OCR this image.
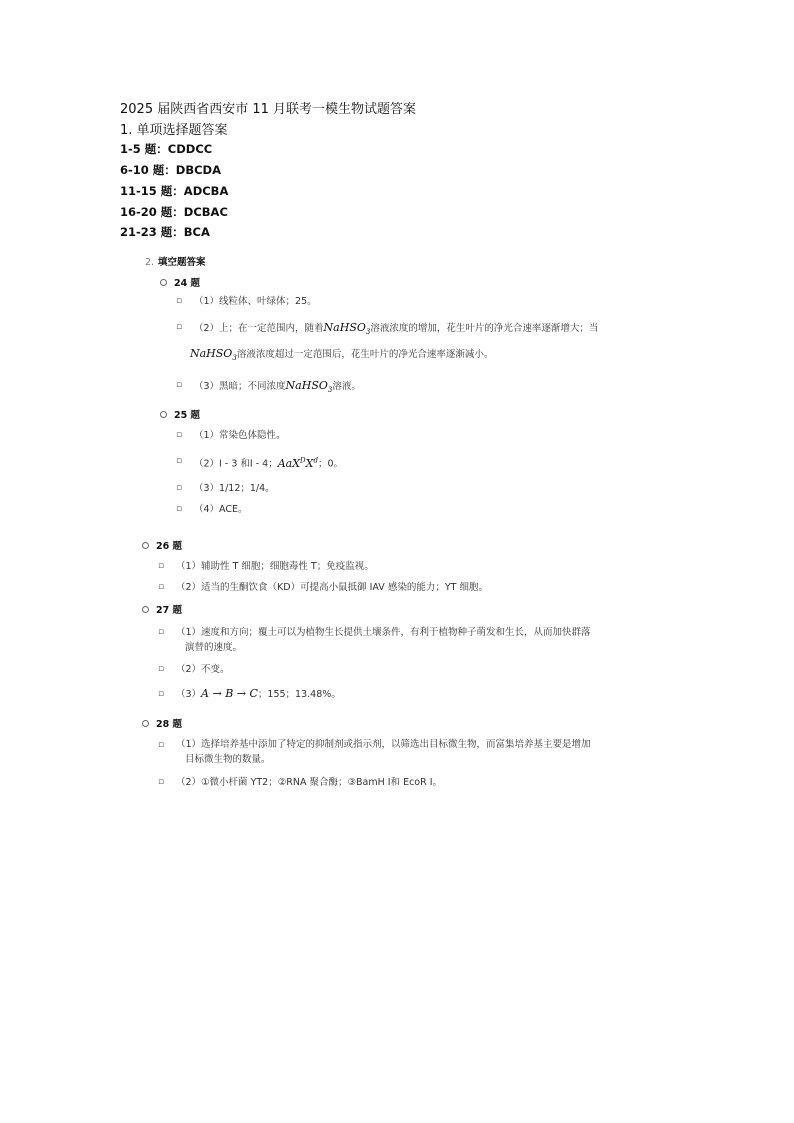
2025 届陕西省西安市 11 月联考一模生物试题答案
1. 单项选择题答案
1-5 题：CDDCC
6-10 题：DBCDA
11-15 题：ADCBA
16-20 题：DCBAC
21-23 题：BCA
2. 填空题答案
24 题
▫ （1）线粒体、叶绿体；25。
▫ （2）上；在一定范围内，随着NaHSO$_3$溶液浓度的增加，花生叶片的净光合速率逐渐增大；当
NaHSO$_3$溶液浓度超过一定范围后，花生叶片的净光合速率逐渐减小。
▫ （3）黑暗；不同浓度NaHSO$_3$溶液。
25 题
▫ （1）常染色体隐性。
▫ （2）Ⅰ - 3 和Ⅰ - 4；$AaX^DX^d$；0。
▫ （3）1/12；1/4。
▫ （4）ACE。
26 题
▫ （1）辅助性 T 细胞；细胞毒性 T；免疫监视。
▫ （2）适当的生酮饮食（KD）可提高小鼠抵御 IAV 感染的能力；YT 细胞。
27 题
▫ （1）速度和方向；覆土可以为植物生长提供土壤条件，有利于植物种子萌发和生长，从而加快群落
演替的速度。
▫ （2）不变。
▫ （3）A → B → C；155；13.48%。
28 题
▫ （1）选择培养基中添加了特定的抑制剂或指示剂，以筛选出目标微生物，而富集培养基主要是增加
目标微生物的数量。
▫ （2）①微小杆菌 YT2；②RNA 聚合酶；③BamH Ⅰ和 EcoR Ⅰ。
